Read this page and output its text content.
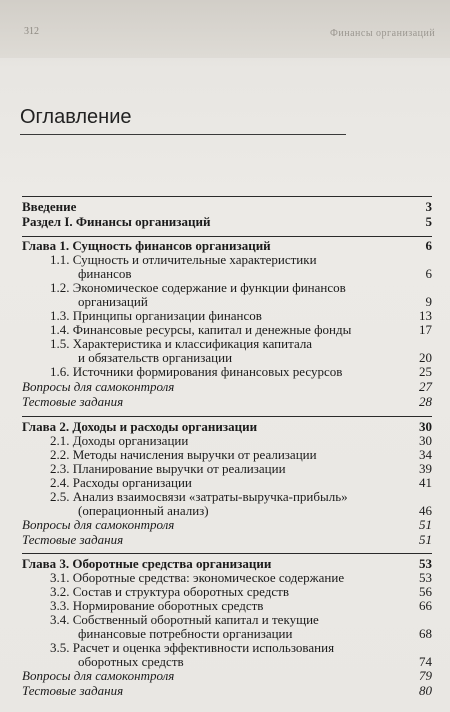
312	Финансы организаций
Оглавление
Введение	3
Раздел I. Финансы организаций	5
Глава 1. Сущность финансов организаций	6
1.1. Сущность и отличительные характеристики
финансов	6
1.2. Экономическое содержание и функции финансов
организаций	9
1.3. Принципы организации финансов	13
1.4. Финансовые ресурсы, капитал и денежные фонды	17
1.5. Характеристика и классификация капитала
и обязательств организации	20
1.6. Источники формирования финансовых ресурсов	25
Вопросы для самоконтроля	27
Тестовые задания	28
Глава 2. Доходы и расходы организации	30
2.1. Доходы организации	30
2.2. Методы начисления выручки от реализации	34
2.3. Планирование выручки от реализации	39
2.4. Расходы организации	41
2.5. Анализ взаимосвязи «затраты-выручка-прибыль»
(операционный анализ)	46
Вопросы для самоконтроля	51
Тестовые задания	51
Глава 3. Оборотные средства организации	53
3.1. Оборотные средства: экономическое содержание	53
3.2. Состав и структура оборотных средств	56
3.3. Нормирование оборотных средств	66
3.4. Собственный оборотный капитал и текущие
финансовые потребности организации	68
3.5. Расчет и оценка эффективности использования
оборотных средств	74
Вопросы для самоконтроля	79
Тестовые задания	80
